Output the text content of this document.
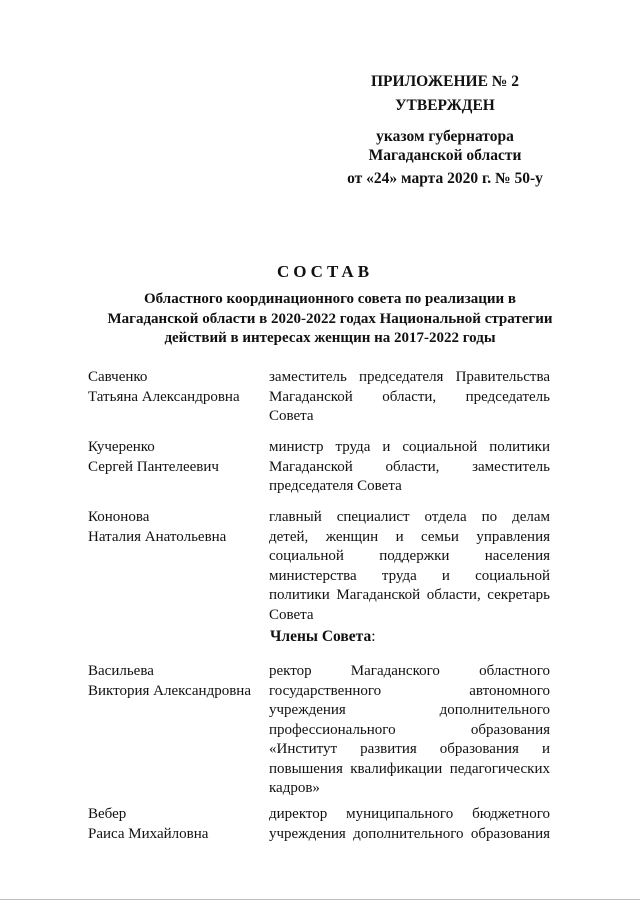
ПРИЛОЖЕНИЕ № 2
УТВЕРЖДЕН
указом губернатора
Магаданской области
от «24» марта 2020 г. № 50-у
СОСТАВ
Областного координационного совета по реализации в
Магаданской области в 2020-2022 годах Национальной стратегии
действий в интересах женщин на 2017-2022 годы
Савченко
Татьяна Александровна
заместитель председателя Правительства
Магаданской области, председатель
Совета
Кучеренко
Сергей Пантелеевич
министр труда и социальной политики
Магаданской области, заместитель
председателя Совета
Кононова
Наталия Анатольевна
главный специалист отдела по делам
детей, женщин и семьи управления
социальной поддержки населения
министерства труда и социальной
политики Магаданской области, секретарь
Совета
Члены Совета:
Васильева
Виктория Александровна
ректор Магаданского областного
государственного автономного
учреждения дополнительного
профессионального образования
«Институт развития образования и
повышения квалификации педагогических
кадров»
Вебер
Раиса Михайловна
директор муниципального бюджетного
учреждения дополнительного образования
